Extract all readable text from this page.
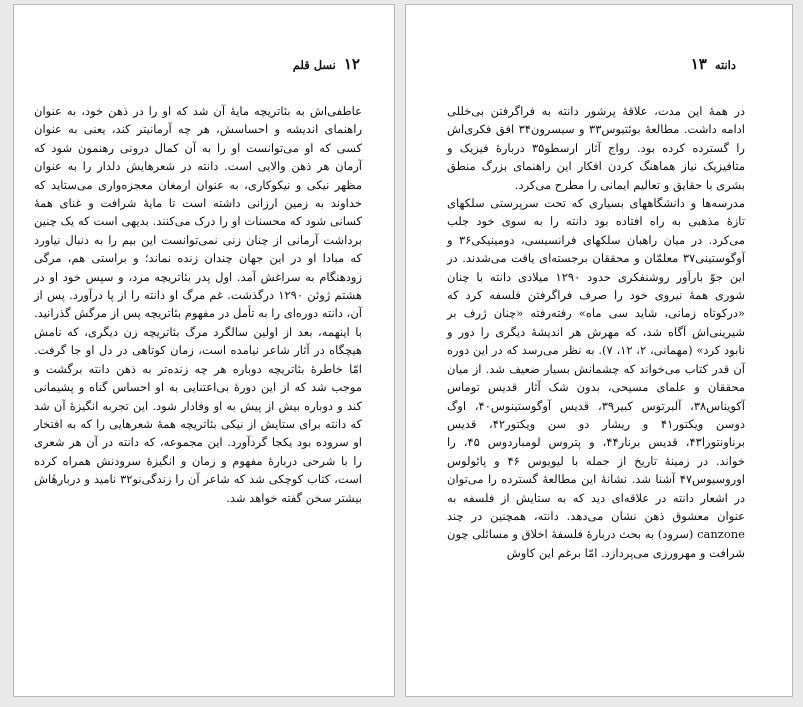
۱۲
نسل قلم

عاطفی‌اش به بئاتریچه مایهٔ آن شد که او را در ذهن خود، به عنوان راهنمای اندیشه و احساسش، هر چه آرمانیتر کند، یعنی به عنوان کسی که او می‌توانست او را به آن کمال درونی رهنمون شود که آرمان هر ذهن والایی است. دانته در شعرهایش دلدار را به عنوان مظهر نیکی و نیکوکاری، به عنوان ارمغان معجزه‌واری می‌ستاید که خداوند به زمین ارزانی داشته است تا مایهٔ شرافت و غنای همهٔ کسانی شود که محسنات او را درک می‌کنند. بدیهی است که یک چنین برداشت آرمانی از چنان زنی نمی‌توانست این بیم را به دنبال نیاورد که مبادا او در این جهان چندان زنده نماند؛ و براستی هم، مرگی زودهنگام به سراغش آمد. اول پدر بئاتریچه مرد، و سپس خود او در هشتم ژوئن ۱۲۹۰ درگذشت. غم مرگ او دانته را از پا درآورد. پس از آن، دانته دوره‌ای را به تأمل در مفهوم بئاتریچه پس از مرگش گذرانید. با اینهمه، بعد از اولین سالگرد مرگ بئاتریچه زن دیگری، که نامش هیچگاه در آثار شاعر نیامده است، زمان کوتاهی در دل او جا گرفت. امّا خاطرهٔ بئاتریچه دوباره هر چه زنده‌تر به ذهن دانته برگشت و موجب شد که از این دورهٔ بی‌اعتنایی به او احساس گناه و پشیمانی کند و دوباره بیش از پیش به او وفادار شود. این تجربه انگیزهٔ آن شد که دانته برای ستایش از نیکی بئاتریچه همهٔ شعرهایی را که به افتخار او سروده بود یکجا گردآورد. این مجموعه، که دانته در آن هر شعری را با شرحی دربارهٔ مفهوم و زمان و انگیزهٔ سرودنش همراه کرده است، کتاب کوچکی شد که شاعر آن را زندگی‌نو۳۲ نامید و دربارهٔاش بیشتر سخن گفته خواهد شد.

دانته
۱۳

در همهٔ این مدت، علاقهٔ پرشور دانته به فراگرفتن بی‌خللی ادامه داشت. مطالعهٔ بوئتیوس۳۳ و سیسرون۳۴ افق فکری‌اش را گسترده کرده بود. رواج آثار ارسطو۳۵ دربارهٔ فیزیک و متافیزیک نیاز هماهنگ کردن افکار این راهنمای بزرگ منطق بشری با حقایق و تعالیم ایمانی را مطرح می‌کرد.

مدرسه‌ها و دانشگاههای بسیاری که تحت سرپرستی سلکهای تازهٔ مذهبی به راه افتاده بود دانته را به سوی خود جلب می‌کرد. در میان راهبان سلکهای فرانسیسی، دومینیکی۳۶ و آوگوستینی۳۷ معلمّان و محققان برجسته‌ای یافت می‌شدند. در این جوّ باراَور روشنفکری حدود ۱۲۹۰ میلادی دانته با چنان شوری همهٔ نیروی خود را صرف فراگرفتن فلسفه کرد که «درکوتاه زمانی، شاید سی ماه» رفته‌رفته «چنان ژرف بر شیرینی‌اش آگاه شد، که مهرش هر اندیشهٔ دیگری را دور و نابود کرد» (مهمانی، ۲، ۱۲، ۷). به نظر می‌رسد که در این دوره آن قدر کتاب می‌خواند که چشمانش بسیار ضعیف شد. از میان محققان و علمای مسیحی، بدون شک آثار قدیس توماس آکویناس۳۸، آلبرتوس کبیر۳۹، قدیس آوگوستینوس۴۰، اوگ دوسن ویکتور۴۱ و ریشار دو سن ویکتور۴۲، قدیس برناونتورا۴۳، قدیس برنار۴۴، و پتروس لومباردوس ۴۵، را خواند. در زمینهٔ تاریخ از جمله با لیویوس ۴۶ و پائولوس اوروسیوس۴۷ آشنا شد. نشانهٔ این مطالعهٔ گسترده را می‌توان در اشعار دانته در علاقه‌ای دید که به ستایش از فلسفه به عنوان معشوق ذهن نشان می‌دهد. دانته، همچنین در چند canzone (سرود) به بحث دربارهٔ فلسفهٔ اخلاق و مسائلی چون شرافت و مهرورزی می‌پردازد. امّا برغم این کاوش
